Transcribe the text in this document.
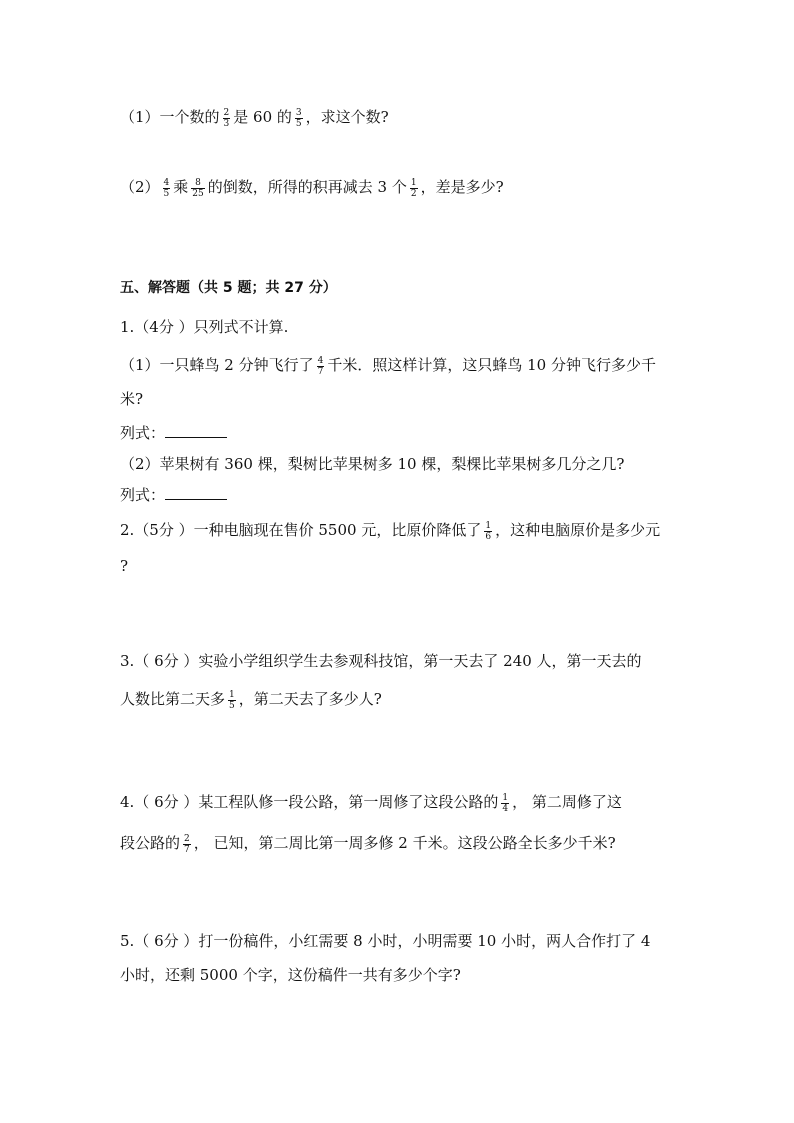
（1）一个数的 $\frac{2}{3}$ 是 60 的 $\frac{3}{5}$ ，求这个数?
$(2) \frac{4}{5}$ 乘 $\frac{8}{25}$ 的倒数，所得的积再减去 3 个 $\frac{1}{2}$ ，差是多少?
五、解答题（共 5 题；共 27 分）
1.（4分 ）只列式不计算.
（1）一只蜂鸟 2 分钟飞行了 $\frac{4}{7}$ 千米．照这样计算，这只蜂鸟 10 分钟飞行多少千
米?
列式：
（2）苹果树有 360 棵，梨树比苹果树多 10 棵，梨棵比苹果树多几分之几?
列式：
2.（5分 ）一种电脑现在售价 5500 元，比原价降低了 $\frac{1}{6}$ ，这种电脑原价是多少元
?
3.（ 6分 ）实验小学组织学生去参观科技馆，第一天去了 240 人，第一天去的
人数比第二天多 $\frac{1}{5}$ ，第二天去了多少人?
4.（ 6分 ）某工程队修一段公路，第一周修了这段公路的 $\frac{1}{4}$ ， 第二周修了这
段公路的 $\frac{2}{7}$ ， 已知，第二周比第一周多修 2 千米。这段公路全长多少千米?
5.（ 6分 ）打一份稿件，小红需要 8 小时，小明需要 10 小时，两人合作打了 4
小时，还剩 5000 个字，这份稿件一共有多少个字?
